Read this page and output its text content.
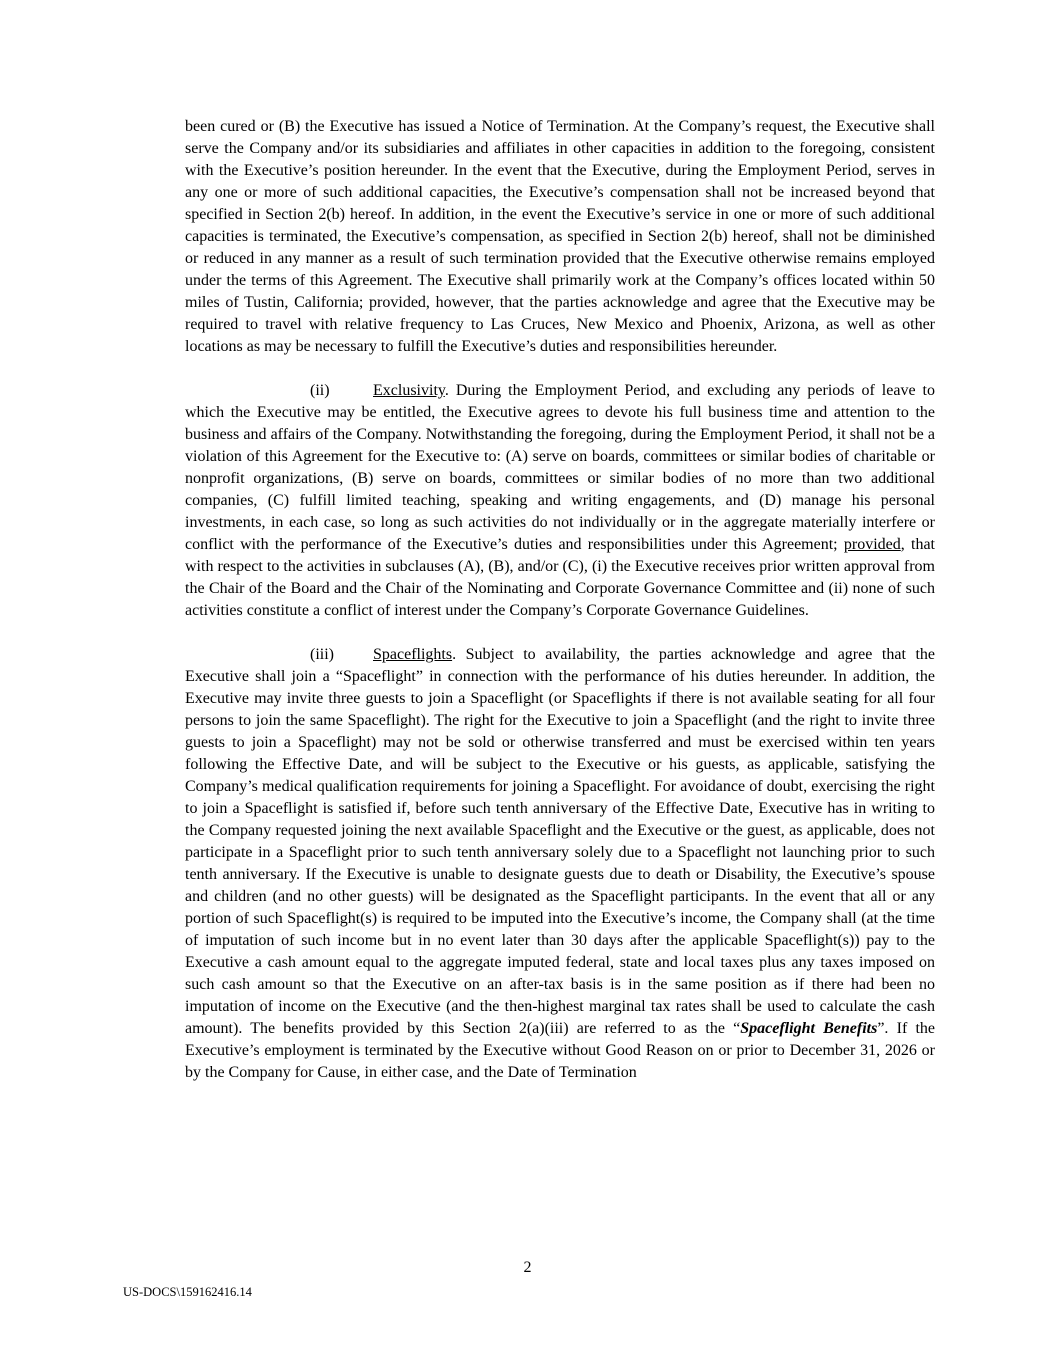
been cured or (B) the Executive has issued a Notice of Termination. At the Company’s request, the Executive shall serve the Company and/or its subsidiaries and affiliates in other capacities in addition to the foregoing, consistent with the Executive’s position hereunder. In the event that the Executive, during the Employment Period, serves in any one or more of such additional capacities, the Executive’s compensation shall not be increased beyond that specified in Section 2(b) hereof. In addition, in the event the Executive’s service in one or more of such additional capacities is terminated, the Executive’s compensation, as specified in Section 2(b) hereof, shall not be diminished or reduced in any manner as a result of such termination provided that the Executive otherwise remains employed under the terms of this Agreement. The Executive shall primarily work at the Company’s offices located within 50 miles of Tustin, California; provided, however, that the parties acknowledge and agree that the Executive may be required to travel with relative frequency to Las Cruces, New Mexico and Phoenix, Arizona, as well as other locations as may be necessary to fulfill the Executive’s duties and responsibilities hereunder.

(ii)	Exclusivity. During the Employment Period, and excluding any periods of leave to which the Executive may be entitled, the Executive agrees to devote his full business time and attention to the business and affairs of the Company. Notwithstanding the foregoing, during the Employment Period, it shall not be a violation of this Agreement for the Executive to: (A) serve on boards, committees or similar bodies of charitable or nonprofit organizations, (B) serve on boards, committees or similar bodies of no more than two additional companies, (C) fulfill limited teaching, speaking and writing engagements, and (D) manage his personal investments, in each case, so long as such activities do not individually or in the aggregate materially interfere or conflict with the performance of the Executive’s duties and responsibilities under this Agreement; provided, that with respect to the activities in subclauses (A), (B), and/or (C), (i) the Executive receives prior written approval from the Chair of the Board and the Chair of the Nominating and Corporate Governance Committee and (ii) none of such activities constitute a conflict of interest under the Company’s Corporate Governance Guidelines.

(iii) Spaceflights. Subject to availability, the parties acknowledge and agree that the Executive shall join a “Spaceflight” in connection with the performance of his duties hereunder. In addition, the Executive may invite three guests to join a Spaceflight (or Spaceflights if there is not available seating for all four persons to join the same Spaceflight). The right for the Executive to join a Spaceflight (and the right to invite three guests to join a Spaceflight) may not be sold or otherwise transferred and must be exercised within ten years following the Effective Date, and will be subject to the Executive or his guests, as applicable, satisfying the Company’s medical qualification requirements for joining a Spaceflight. For avoidance of doubt, exercising the right to join a Spaceflight is satisfied if, before such tenth anniversary of the Effective Date, Executive has in writing to the Company requested joining the next available Spaceflight and the Executive or the guest, as applicable, does not participate in a Spaceflight prior to such tenth anniversary solely due to a Spaceflight not launching prior to such tenth anniversary. If the Executive is unable to designate guests due to death or Disability, the Executive’s spouse and children (and no other guests) will be designated as the Spaceflight participants. In the event that all or any portion of such Spaceflight(s) is required to be imputed into the Executive’s income, the Company shall (at the time of imputation of such income but in no event later than 30 days after the applicable Spaceflight(s)) pay to the Executive a cash amount equal to the aggregate imputed federal, state and local taxes plus any taxes imposed on such cash amount so that the Executive on an after-tax basis is in the same position as if there had been no imputation of income on the Executive (and the then-highest marginal tax rates shall be used to calculate the cash amount). The benefits provided by this Section 2(a)(iii) are referred to as the “Spaceflight Benefits”. If the Executive’s employment is terminated by the Executive without Good Reason on or prior to December 31, 2026 or by the Company for Cause, in either case, and the Date of Termination

2
US-DOCS\159162416.14
